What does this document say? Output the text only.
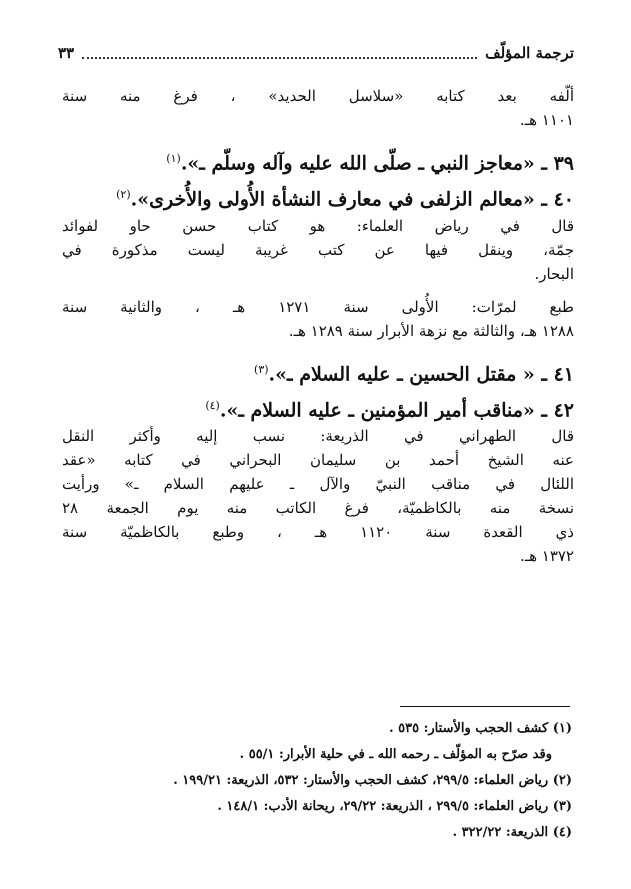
ترجمة المؤلّف
٣٣

ألّفه بعد كتابه «سلاسل الحديد» ، فرغ منه سنة

١١٠١ هـ.

٣٩ ـ «معاجز النبي ـ صلّى الله عليه وآله وسلّم ـ».$^{(١)}$

٤٠ ـ «معالم الزلفى في معارف النشأة الأُولى والأُخرى».$^{(٢)}$

قال في رياض العلماء: هو كتاب حسن حاو لفوائد

جمّة، وينقل فيها عن كتب غريبة ليست مذكورة في

البحار.

طبع لمرّات: الأُولى سنة ١٢٧١ هـ ، والثانية سنة

١٢٨٨ هـ، والثالثة مع نزهة الأبرار سنة ١٢٨٩ هـ.

٤١ ـ « مقتل الحسين ـ عليه السلام ـ».$^{(٣)}$

٤٢ ـ «مناقب أمير المؤمنين ـ عليه السلام ـ».$^{(٤)}$

قال الطهراني في الذريعة: نسب إليه وأكثر النقل

عنه الشيخ أحمد بن سليمان البحراني في كتابه «عقد

اللئال في مناقب النبيّ والآل ـ عليهم السلام ـ» ورأيت

نسخة منه بالكاظميّة، فرغ الكاتب منه يوم الجمعة ٢٨

ذي القعدة سنة ١١٢٠ هـ ، وطبع بالكاظميّة سنة

١٣٧٢ هـ.

(١) كشف الحجب والأستار: ٥٣٥ .

وقد صرّح به المؤلّف ـ رحمه الله ـ في حلية الأبرار: ٥٥/١ .

(٢) رياض العلماء: ٢٩٩/٥، كشف الحجب والأستار: ٥٣٢، الذريعة: ١٩٩/٢١ .

(٣) رياض العلماء: ٢٩٩/٥ ، الذريعة: ٢٩/٢٢، ريحانة الأدب: ١٤٨/١ .

(٤) الذريعة: ٣٢٢/٢٢ .
